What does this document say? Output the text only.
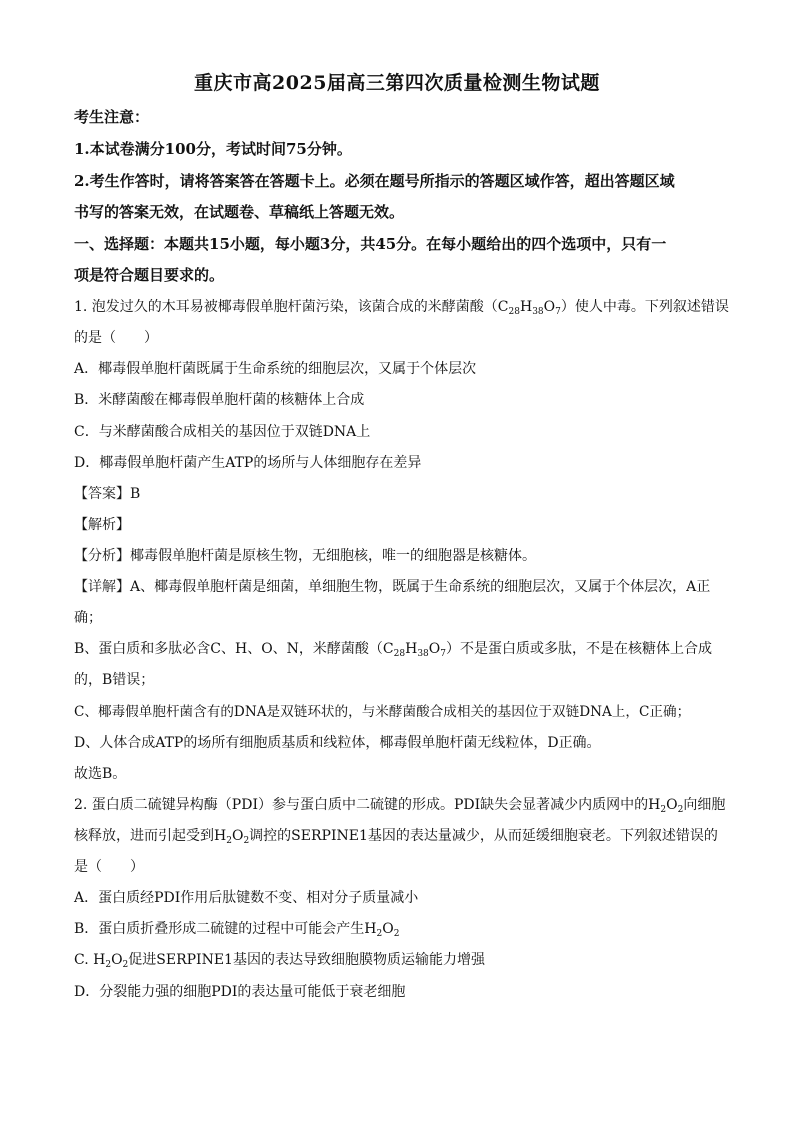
重庆市高2025届高三第四次质量检测生物试题
考生注意：
1.本试卷满分100分，考试时间75分钟。
2.考生作答时，请将答案答在答题卡上。必须在题号所指示的答题区域作答，超出答题区域
书写的答案无效，在试题卷、草稿纸上答题无效。
一、选择题：本题共15小题，每小题3分，共45分。在每小题给出的四个选项中，只有一
项是符合题目要求的。
1. 泡发过久的木耳易被椰毒假单胞杆菌污染，该菌合成的米酵菌酸$(C_{28}H_{38}O_7)$使人中毒。下列叙述错误
的是（　　）
A．椰毒假单胞杆菌既属于生命系统的细胞层次，又属于个体层次
B．米酵菌酸在椰毒假单胞杆菌的核糖体上合成
C．与米酵菌酸合成相关的基因位于双链DNA上
D．椰毒假单胞杆菌产生ATP的场所与人体细胞存在差异
【答案】B
【解析】
【分析】椰毒假单胞杆菌是原核生物，无细胞核，唯一的细胞器是核糖体。
【详解】A、椰毒假单胞杆菌是细菌，单细胞生物，既属于生命系统的细胞层次，又属于个体层次，A正
确；
B、蛋白质和多肽必含C、H、O、N，米酵菌酸$(C_{28}H_{38}O_7)$不是蛋白质或多肽，不是在核糖体上合成
的，B错误；
C、椰毒假单胞杆菌含有的DNA是双链环状的，与米酵菌酸合成相关的基因位于双链DNA上，C正确；
D、人体合成ATP的场所有细胞质基质和线粒体，椰毒假单胞杆菌无线粒体，D正确。
故选B。
2. 蛋白质二硫键异构酶（PDI）参与蛋白质中二硫键的形成。PDI缺失会显著减少内质网中的$H_2O_2$向细胞
核释放，进而引起受到$H_2O_2$调控的SERPINE1基因的表达量减少，从而延缓细胞衰老。下列叙述错误的
是（　　）
A．蛋白质经PDI作用后肽键数不变、相对分子质量减小
B．蛋白质折叠形成二硫键的过程中可能会产生$H_2O_2$
C. $H_2O_2$促进SERPINE1基因的表达导致细胞膜物质运输能力增强
D．分裂能力强的细胞PDI的表达量可能低于衰老细胞
